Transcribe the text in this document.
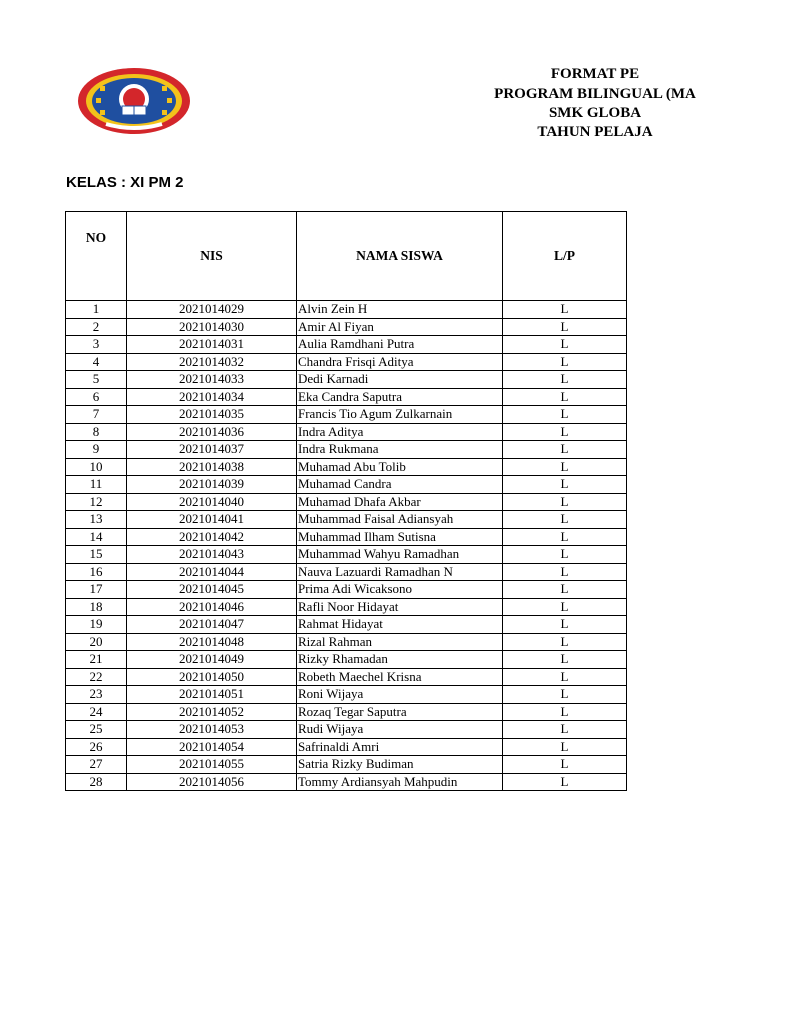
FORMAT PE
PROGRAM BILINGUAL (MA
SMK GLOBA
TAHUN PELAJA
KELAS : XI PM 2
NO	NIS	NAMA SISWA	L/P
1	2021014029	Alvin Zein H	L
2	2021014030	Amir Al Fiyan	L
3	2021014031	Aulia Ramdhani Putra	L
4	2021014032	Chandra Frisqi Aditya	L
5	2021014033	Dedi Karnadi	L
6	2021014034	Eka Candra Saputra	L
7	2021014035	Francis Tio Agum Zulkarnain	L
8	2021014036	Indra Aditya	L
9	2021014037	Indra Rukmana	L
10	2021014038	Muhamad Abu Tolib	L
11	2021014039	Muhamad Candra	L
12	2021014040	Muhamad Dhafa Akbar	L
13	2021014041	Muhammad Faisal Adiansyah	L
14	2021014042	Muhammad Ilham Sutisna	L
15	2021014043	Muhammad Wahyu Ramadhan	L
16	2021014044	Nauva Lazuardi Ramadhan N	L
17	2021014045	Prima Adi Wicaksono	L
18	2021014046	Rafli Noor Hidayat	L
19	2021014047	Rahmat Hidayat	L
20	2021014048	Rizal Rahman	L
21	2021014049	Rizky Rhamadan	L
22	2021014050	Robeth Maechel Krisna	L
23	2021014051	Roni Wijaya	L
24	2021014052	Rozaq Tegar Saputra	L
25	2021014053	Rudi Wijaya	L
26	2021014054	Safrinaldi Amri	L
27	2021014055	Satria Rizky Budiman	L
28	2021014056	Tommy Ardiansyah Mahpudin	L
